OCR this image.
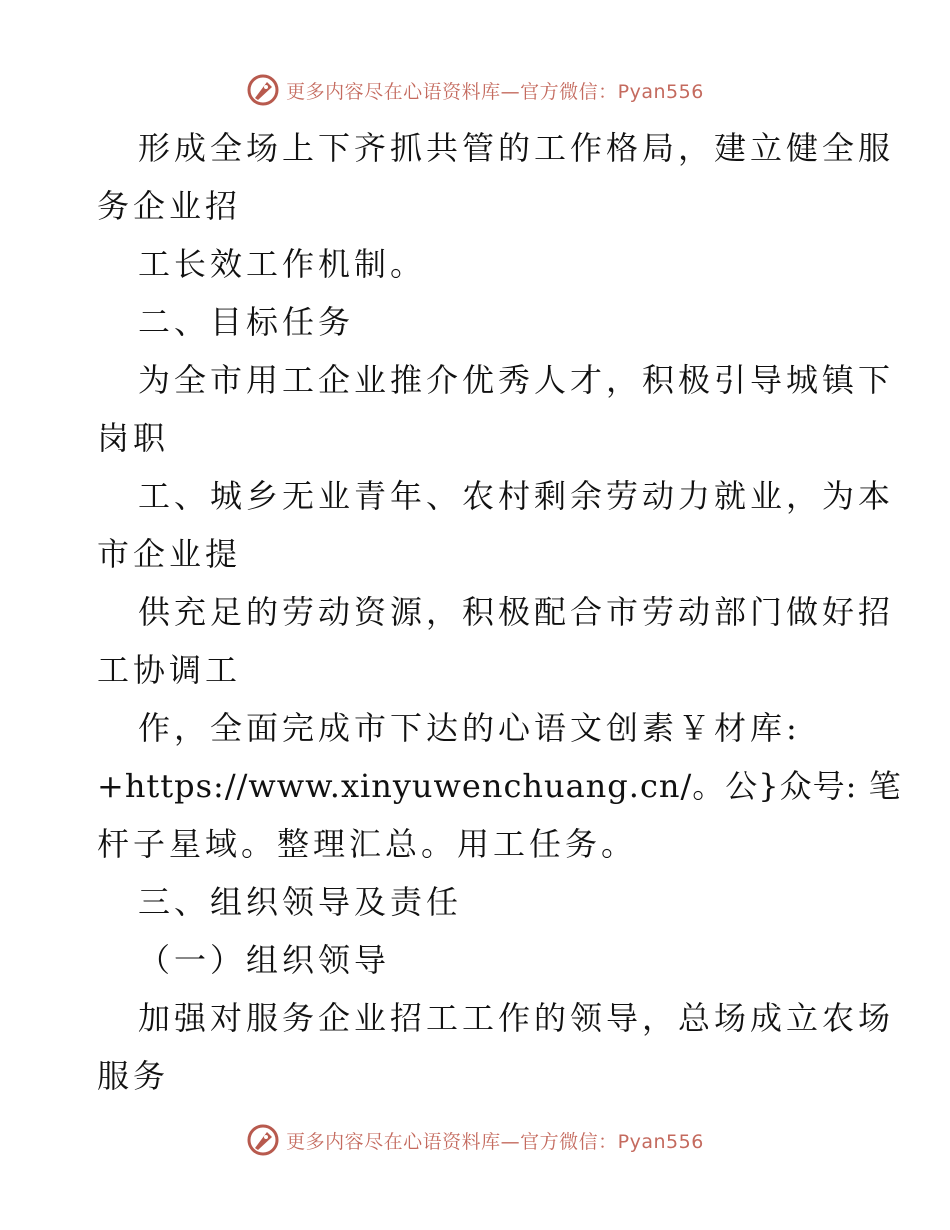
更多内容尽在心语资料库—官方微信：Pyan556
形成全场上下齐抓共管的工作格局，建立健全服
务企业招
工长效工作机制。
二、目标任务
为全市用工企业推介优秀人才，积极引导城镇下
岗职
工、城乡无业青年、农村剩余劳动力就业，为本
市企业提
供充足的劳动资源，积极配合市劳动部门做好招
工协调工
作，全面完成市下达的心语文创素￥材库:
+https://www.xinyuwenchuang.cn/。公}众号: 笔
杆子星域。整理汇总。用工任务。
三、组织领导及责任
（一）组织领导
加强对服务企业招工工作的领导，总场成立农场
服务
更多内容尽在心语资料库—官方微信：Pyan556
